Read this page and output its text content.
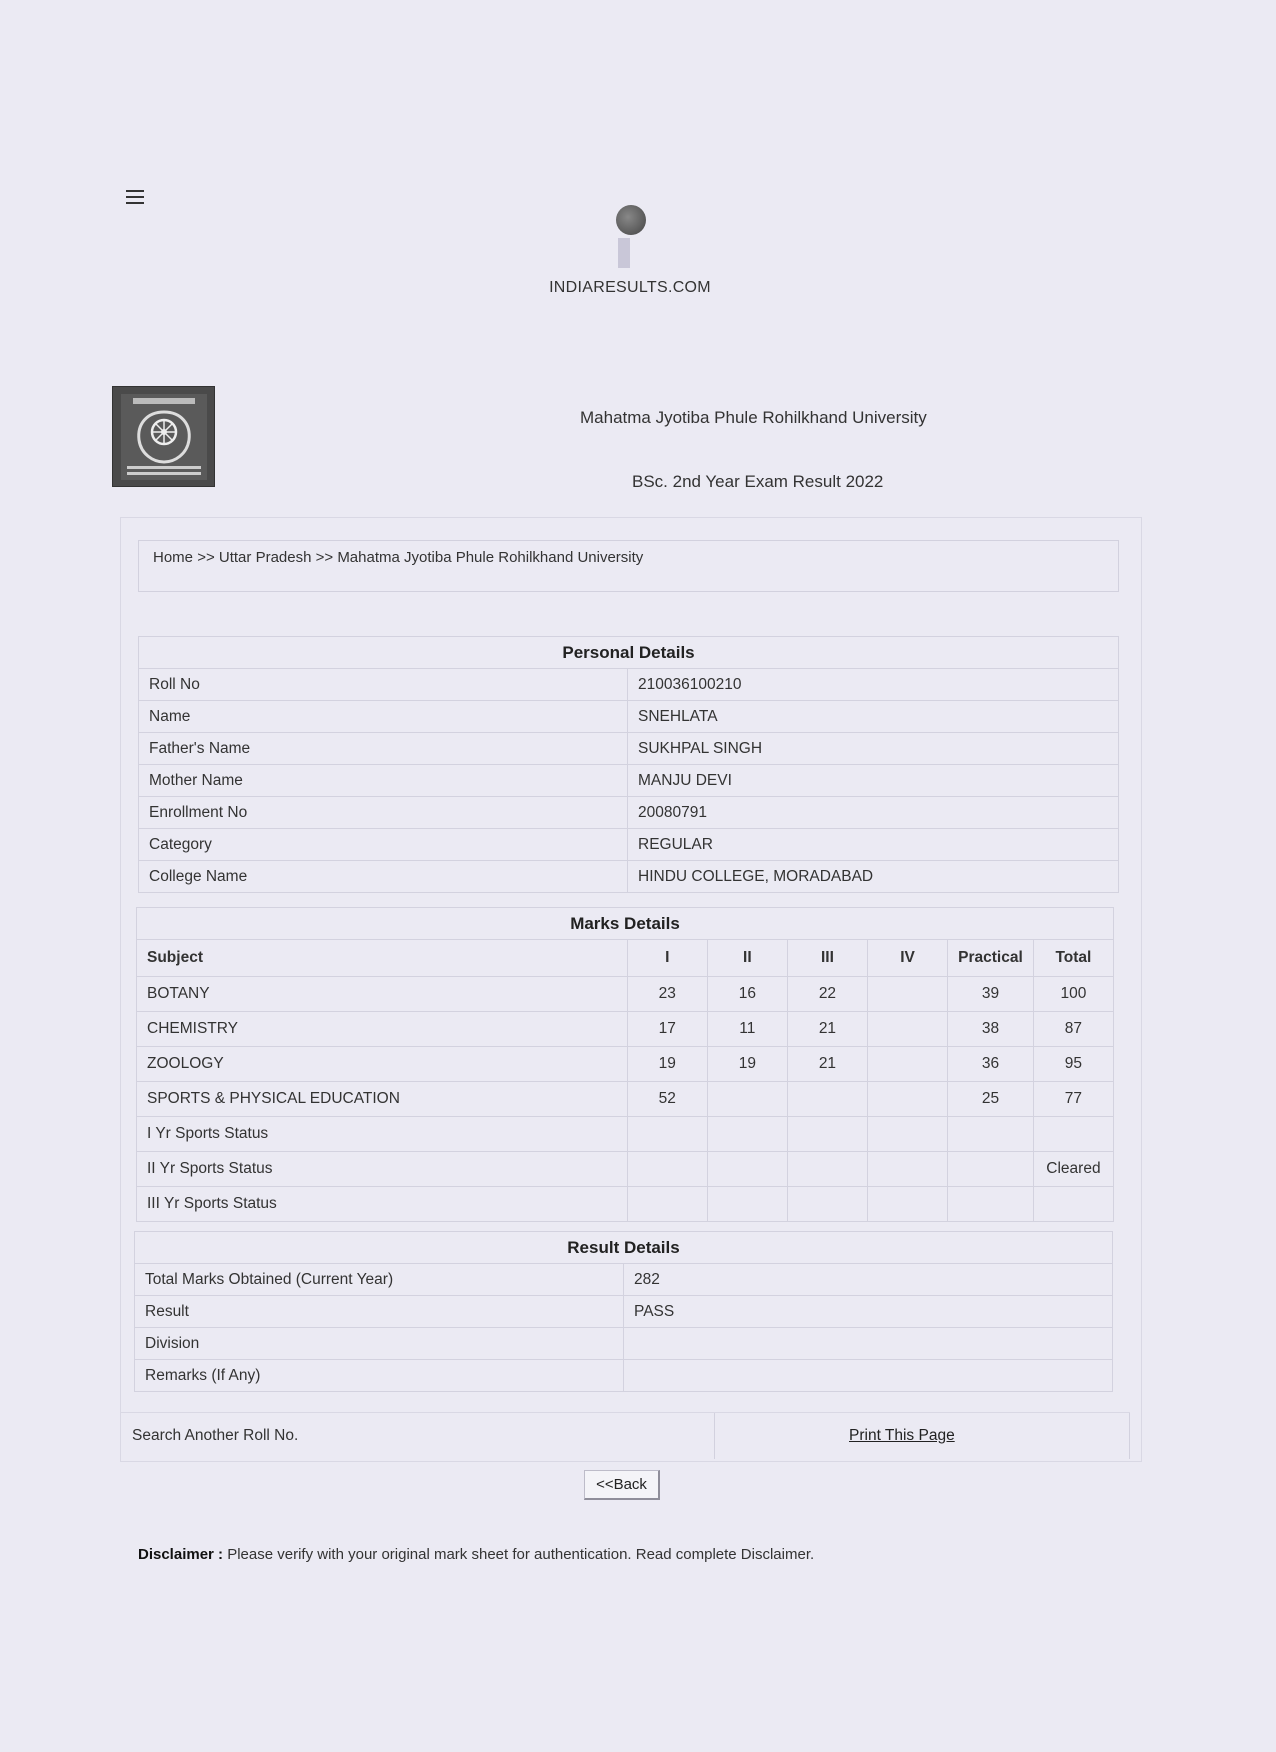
INDIARESULTS.COM
Mahatma Jyotiba Phule Rohilkhand University
BSc. 2nd Year Exam Result 2022
Home >> Uttar Pradesh >> Mahatma Jyotiba Phule Rohilkhand University
Personal Details	
Roll No	210036100210
Name	SNEHLATA
Father's Name	SUKHPAL SINGH
Mother Name	MANJU DEVI
Enrollment No	20080791
Category	REGULAR
College Name	HINDU COLLEGE, MORADABAD
Marks Details						
Subject	I	II	III	IV	Practical	Total
BOTANY	23	16	22		39	100
CHEMISTRY	17	11	21		38	87
ZOOLOGY	19	19	21		36	95
SPORTS & PHYSICAL EDUCATION	52				25	77
I Yr Sports Status						
II Yr Sports Status						Cleared
III Yr Sports Status						
Result Details	
Total Marks Obtained (Current Year)	282
Result	PASS
Division	
Remarks (If Any)	
Search Another Roll No.	Print This Page
<<Back
Disclaimer : Please verify with your original mark sheet for authentication. Read complete Disclaimer.
